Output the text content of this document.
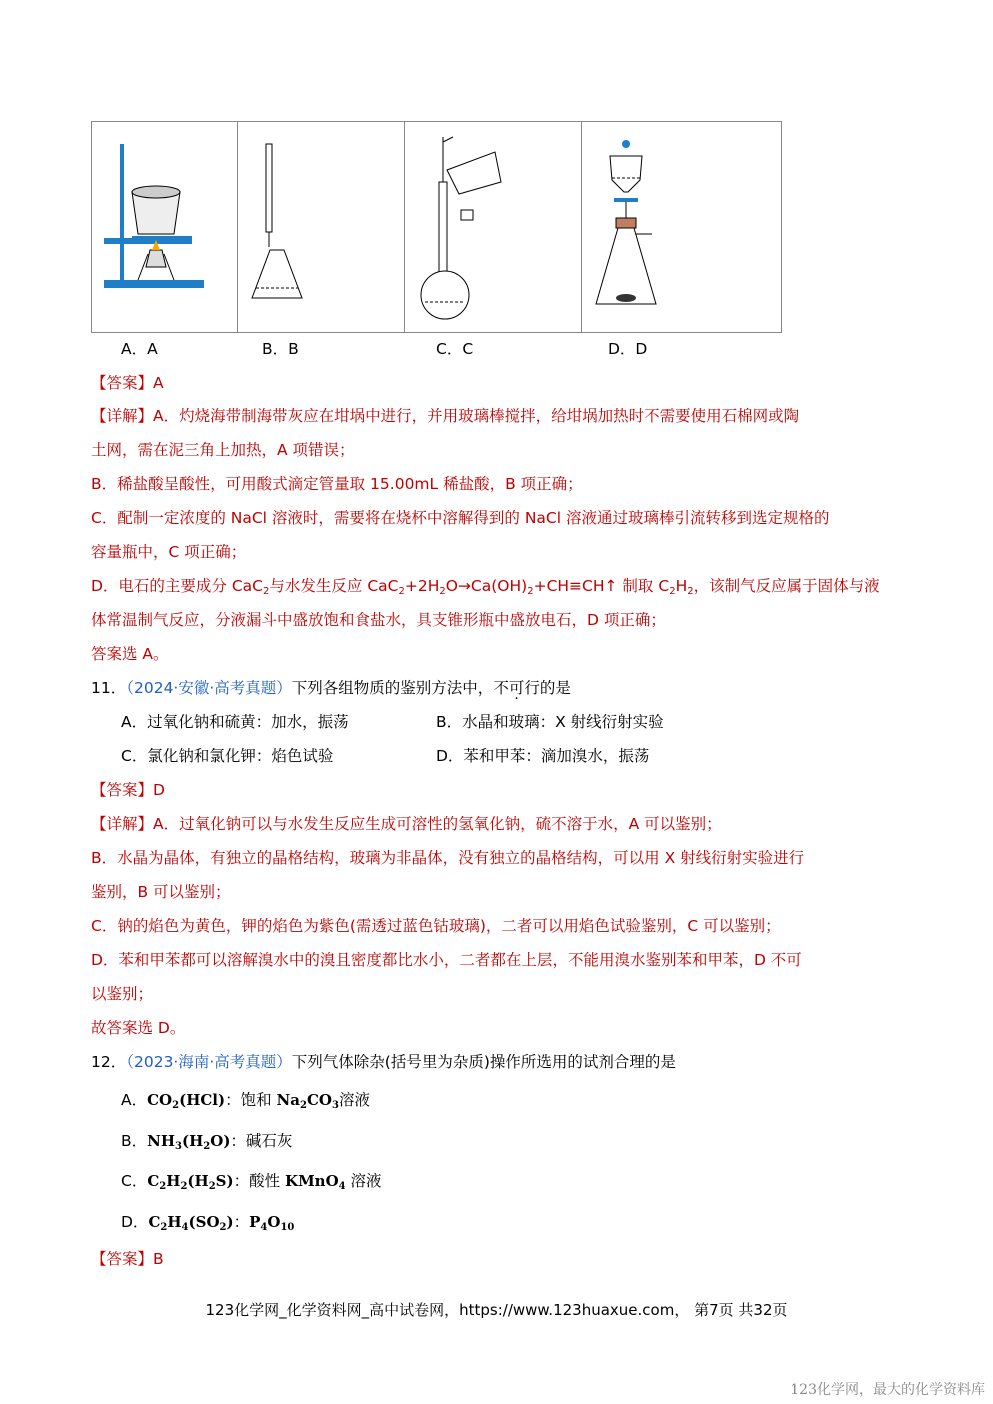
A．A	B．B	C．C	D．D
【答案】A
【详解】A．灼烧海带制海带灰应在坩埚中进行，并用玻璃棒搅拌，给坩埚加热时不需要使用石棉网或陶
土网，需在泥三角上加热，A 项错误；
B．稀盐酸呈酸性，可用酸式滴定管量取 15.00mL 稀盐酸，B 项正确；
C．配制一定浓度的 NaCl 溶液时，需要将在烧杯中溶解得到的 NaCl 溶液通过玻璃棒引流转移到选定规格的
容量瓶中，C 项正确；
D．电石的主要成分 CaC$_2$与水发生反应 $CaC_2+2H_2O\to Ca(OH)_2+CH\equiv CH↑$ 制取 $C_2H_2$，该制气反应属于固体与液
体常温制气反应，分液漏斗中盛放饱和食盐水，具支锥形瓶中盛放电石，D 项正确；
答案选 A。
11．（2024·安徽·高考真题）下列各组物质的鉴别方法中，不可行的是
A．过氧化钠和硫黄：加水，振荡	B．水晶和玻璃：X 射线衍射实验
C．氯化钠和氯化钾：焰色试验	D．苯和甲苯：滴加溴水，振荡
【答案】D
【详解】A．过氧化钠可以与水发生反应生成可溶性的氢氧化钠，硫不溶于水，A 可以鉴别；
B．水晶为晶体，有独立的晶格结构，玻璃为非晶体，没有独立的晶格结构，可以用 X 射线衍射实验进行
鉴别，B 可以鉴别；
C．钠的焰色为黄色，钾的焰色为紫色(需透过蓝色钴玻璃)，二者可以用焰色试验鉴别，C 可以鉴别；
D．苯和甲苯都可以溶解溴水中的溴且密度都比水小，二者都在上层，不能用溴水鉴别苯和甲苯，D 不可
以鉴别；
故答案选 D。
12．（2023·海南·高考真题）下列气体除杂(括号里为杂质)操作所选用的试剂合理的是
A．$CO_2(HCl)$：饱和 $Na_2CO_3$溶液
B．$NH_3(H_2O)$：碱石灰
C．$C_2H_2(H_2S)$：酸性 KMnO$_4$ 溶液
D．$C_2H_4(SO_2)$：$P_4O_{10}$
【答案】B
123化学网_化学资料网_高中试卷网，https://www.123huaxue.com， 第7页 共32页
123化学网，最大的化学资料库
